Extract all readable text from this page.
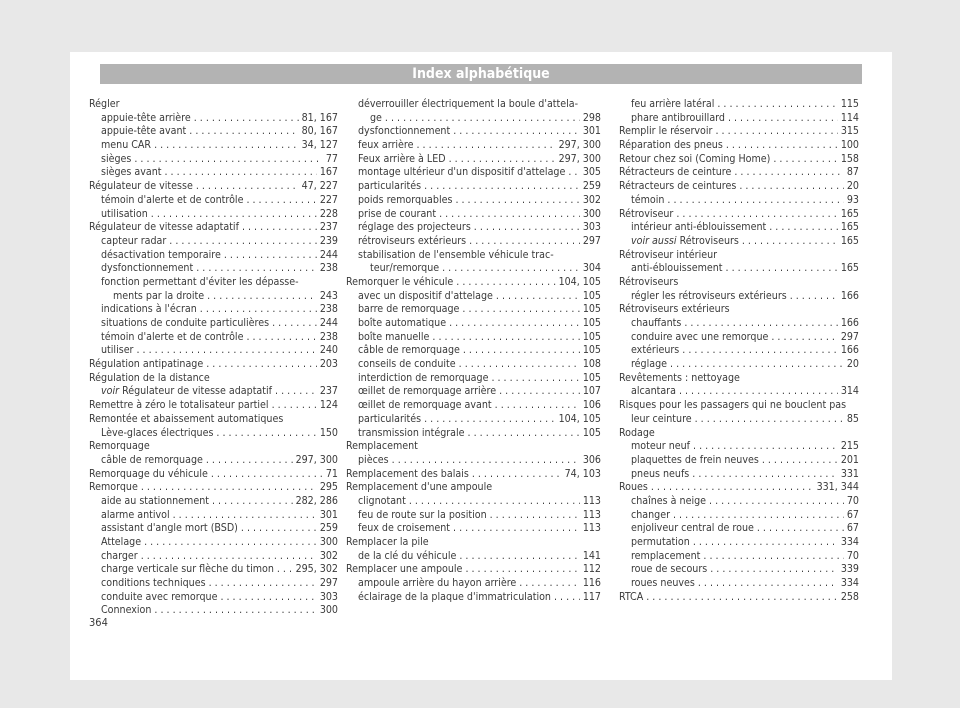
Index alphabétique
Régler
appuie-tête arrière . . .	81, 167
appuie-tête avant . . .	80, 167
menu CAR . . .	34, 127
sièges . . .	77
sièges avant . . .	167
Régulateur de vitesse . . .	47, 227
témoin d'alerte et de contrôle . . .	227
utilisation . . .	228
Régulateur de vitesse adaptatif . . .	237
capteur radar . . .	239
désactivation temporaire . . .	244
dysfonctionnement . . .	238
fonction permettant d'éviter les dépasse-
ments par la droite . . .	243
indications à l'écran . . .	238
situations de conduite particulières . . .	244
témoin d'alerte et de contrôle . . .	238
utiliser . . .	240
Régulation antipatinage . . .	203
Régulation de la distance
voir Régulateur de vitesse adaptatif . . .	237
Remettre à zéro le totalisateur partiel . . .	124
Remontée et abaissement automatiques
Lève-glaces électriques . . .	150
Remorquage
câble de remorquage . . .	297, 300
Remorquage du véhicule . . .	71
Remorque . . .	295
aide au stationnement . . .	282, 286
alarme antivol . . .	301
assistant d'angle mort (BSD) . . .	259
Attelage . . .	300
charger . . .	302
charge verticale sur flèche du timon . . . 295, 302
conditions techniques . . .	297
conduite avec remorque . . .	303
Connexion . . .	300
déverrouiller électriquement la boule d'attela-
ge . . .	298
dysfonctionnement . . .	301
feux arrière . . .	297, 300
Feux arrière à LED . . .	297, 300
montage ultérieur d'un dispositif d'attelage . . . 305
particularités . . .	259
poids remorquables . . .	302
prise de courant . . .	300
réglage des projecteurs . . .	303
rétroviseurs extérieurs . . .	297
stabilisation de l'ensemble véhicule trac-
teur/remorque . . .	304
Remorquer le véhicule . . .	104, 105
avec un dispositif d'attelage . . .	105
barre de remorquage . . .	105
boîte automatique . . .	105
boîte manuelle . . .	105
câble de remorquage . . .	105
conseils de conduite . . .	108
interdiction de remorquage . . .	105
œillet de remorquage arrière . . .	107
œillet de remorquage avant . . .	106
particularités . . .	104, 105
transmission intégrale . . .	105
Remplacement
pièces . . .	306
Remplacement des balais . . .	74, 103
Remplacement d'une ampoule
clignotant . . .	113
feu de route sur la position . . .	113
feux de croisement . . .	113
Remplacer la pile
de la clé du véhicule . . .	141
Remplacer une ampoule . . .	112
ampoule arrière du hayon arrière . . .	116
éclairage de la plaque d'immatriculation . . .	117
feu arrière latéral . . .	115
phare antibrouillard . . .	114
Remplir le réservoir . . .	315
Réparation des pneus . . .	100
Retour chez soi (Coming Home) . . .	158
Rétracteurs de ceinture . . .	87
Rétracteurs de ceintures . . .	20
témoin . . .	93
Rétroviseur . . .	165
intérieur anti-éblouissement . . .	165
voir aussi Rétroviseurs . . .	165
Rétroviseur intérieur
anti-éblouissement . . .	165
Rétroviseurs
régler les rétroviseurs extérieurs . . .	166
Rétroviseurs extérieurs
chauffants . . .	166
conduire avec une remorque . . .	297
extérieurs . . .	166
réglage . . .	20
Revêtements : nettoyage
alcantara . . .	314
Risques pour les passagers qui ne bouclent pas
leur ceinture . . .	85
Rodage
moteur neuf . . .	215
plaquettes de frein neuves . . .	201
pneus neufs . . .	331
Roues . . .	331, 344
chaînes à neige . . .	70
changer . . .	67
enjoliveur central de roue . . .	67
permutation . . .	334
remplacement . . .	70
roue de secours . . .	339
roues neuves . . .	334
RTCA . . .	258
364
